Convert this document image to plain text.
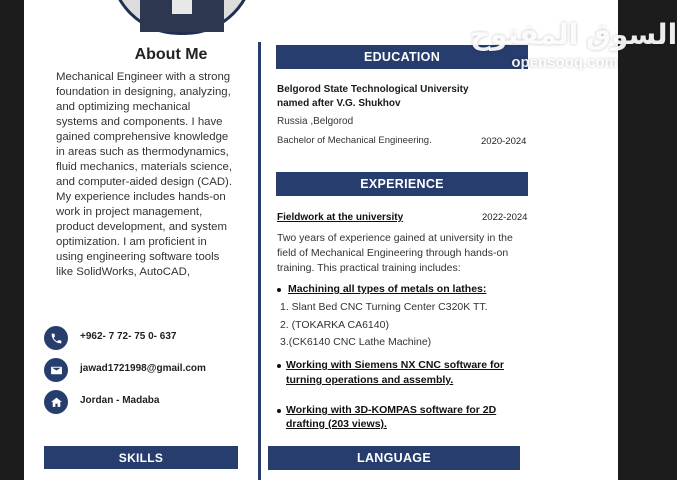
About Me
Mechanical Engineer with a strong
foundation in designing, analyzing,
and optimizing mechanical
systems and components. I have
gained comprehensive knowledge
in areas such as thermodynamics,
fluid mechanics, materials science,
and computer-aided design (CAD).
My experience includes hands-on
work in project management,
product development, and system
optimization. I am proficient in
using engineering software tools
like SolidWorks, AutoCAD,
+962- 7 72- 75 0- 637
jawad1721998@gmail.com
Jordan - Madaba
SKILLS
EDUCATION
Belgorod State Technological University
named after V.G. Shukhov
Russia ,Belgorod
Bachelor of Mechanical Engineering.	2020-2024
EXPERIENCE
Fieldwork at the university	2022-2024
Two years of experience gained at university in the
field of Mechanical Engineering through hands-on
training. This practical training includes:
Machining all types of metals on lathes:
1. Slant Bed CNC Turning Center C320K TT.
2. (TOKARKA CA6140)
3.(CK6140 CNC Lathe Machine)
Working with Siemens NX CNC software for
turning operations and assembly.
Working with 3D-KOMPAS software for 2D
drafting (203 views).
LANGUAGE
السوق المفتوح
opensooq.com
